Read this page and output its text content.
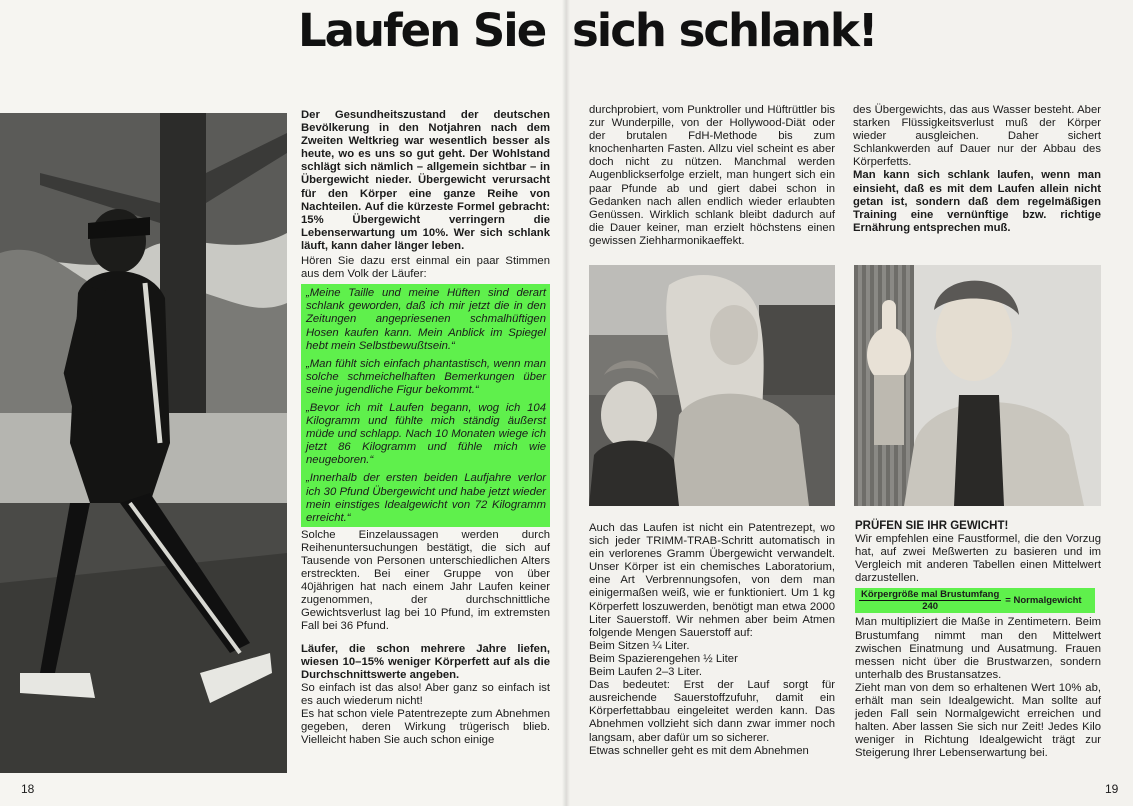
Laufen Sie sich schlank!

Der Gesundheitszustand der deutschen Bevölkerung in den Notjahren nach dem Zweiten Weltkrieg war wesentlich besser als heute, wo es uns so gut geht. Der Wohlstand schlägt sich nämlich – allgemein sichtbar – in Übergewicht nieder. Übergewicht verursacht für den Körper eine ganze Reihe von Nachteilen. Auf die kürzeste Formel gebracht: 15% Übergewicht verringern die Lebenserwartung um 10%. Wer sich schlank läuft, kann daher länger leben.

Hören Sie dazu erst einmal ein paar Stimmen aus dem Volk der Läufer:

„Meine Taille und meine Hüften sind derart schlank geworden, daß ich mir jetzt die in den Zeitungen angepriesenen schmalhüftigen Hosen kaufen kann. Mein Anblick im Spiegel hebt mein Selbstbewußtsein.“

„Man fühlt sich einfach phantastisch, wenn man solche schmeichelhaften Bemerkungen über seine jugendliche Figur bekommt.“

„Bevor ich mit Laufen begann, wog ich 104 Kilogramm und fühlte mich ständig äußerst müde und schlapp. Nach 10 Monaten wiege ich jetzt 86 Kilogramm und fühle mich wie neugeboren.“

„Innerhalb der ersten beiden Laufjahre verlor ich 30 Pfund Übergewicht und habe jetzt wieder mein einstiges Idealgewicht von 72 Kilogramm erreicht.“

Solche Einzelaussagen werden durch Reihenuntersuchungen bestätigt, die sich auf Tausende von Personen unterschiedlichen Alters erstreckten. Bei einer Gruppe von über 40jährigen hat nach einem Jahr Laufen keiner zugenommen, der durchschnittliche Gewichtsverlust lag bei 10 Pfund, im extremsten Fall bei 36 Pfund.

Läufer, die schon mehrere Jahre liefen, wiesen 10–15% weniger Körperfett auf als die Durchschnittswerte angeben.

So einfach ist das also! Aber ganz so einfach ist es auch wiederum nicht!

Es hat schon viele Patentrezepte zum Abnehmen gegeben, deren Wirkung trügerisch blieb. Vielleicht haben Sie auch schon einige

durchprobiert, vom Punktroller und Hüftrüttler bis zur Wunderpille, von der Hollywood-Diät oder der brutalen FdH-Methode bis zum knochenharten Fasten. Allzu viel scheint es aber doch nicht zu nützen. Manchmal werden Augenblickserfolge erzielt, man hungert sich ein paar Pfunde ab und giert dabei schon in Gedanken nach allen endlich wieder erlaubten Genüssen. Wirklich schlank bleibt dadurch auf die Dauer keiner, man erzielt höchstens einen gewissen Ziehharmonikaeffekt.

Auch das Laufen ist nicht ein Patentrezept, wo sich jeder TRIMM-TRAB-Schritt automatisch in ein verlorenes Gramm Übergewicht verwandelt. Unser Körper ist ein chemisches Laboratorium, eine Art Verbrennungsofen, von dem man einigermaßen weiß, wie er funktioniert. Um 1 kg Körperfett loszuwerden, benötigt man etwa 2000 Liter Sauerstoff. Wir nehmen aber beim Atmen folgende Mengen Sauerstoff auf:

Beim Sitzen ¼ Liter.

Beim Spazierengehen ½ Liter

Beim Laufen 2–3 Liter.

Das bedeutet: Erst der Lauf sorgt für ausreichende Sauerstoffzufuhr, damit ein Körperfettabbau eingeleitet werden kann. Das Abnehmen vollzieht sich dann zwar immer noch langsam, aber dafür um so sicherer.

Etwas schneller geht es mit dem Abnehmen

des Übergewichts, das aus Wasser besteht. Aber starken Flüssigkeitsverlust muß der Körper wieder ausgleichen. Daher sichert Schlankwerden auf Dauer nur der Abbau des Körperfetts.

Man kann sich schlank laufen, wenn man einsieht, daß es mit dem Laufen allein nicht getan ist, sondern daß dem regelmäßigen Training eine vernünftige bzw. richtige Ernährung entsprechen muß.

PRÜFEN SIE IHR GEWICHT!

Wir empfehlen eine Faustformel, die den Vorzug hat, auf zwei Meßwerten zu basieren und im Vergleich mit anderen Tabellen einen Mittelwert darzustellen.

$\frac{\text{Körpergröße mal Brustumfang}}{240}$ = Normalgewicht

Man multipliziert die Maße in Zentimetern. Beim Brustumfang nimmt man den Mittelwert zwischen Einatmung und Ausatmung. Frauen messen nicht über die Brustwarzen, sondern unterhalb des Brustansatzes.

Zieht man von dem so erhaltenen Wert 10% ab, erhält man sein Idealgewicht. Man sollte auf jeden Fall sein Normalgewicht erreichen und halten. Aber lassen Sie sich nur Zeit! Jedes Kilo weniger in Richtung Idealgewicht trägt zur Steigerung Ihrer Lebenserwartung bei.

18	19
